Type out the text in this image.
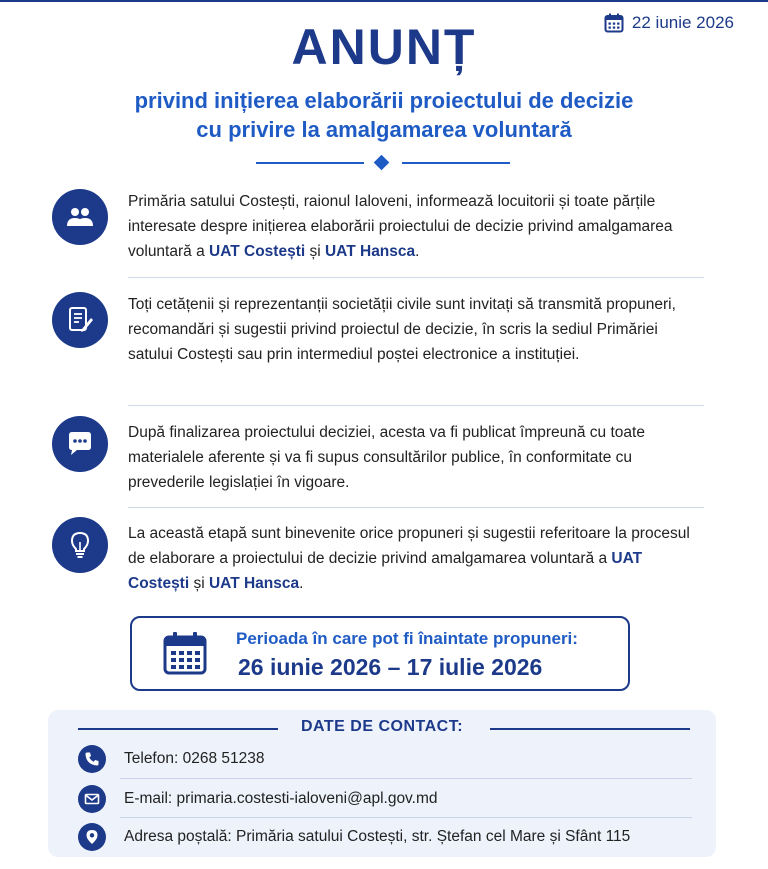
22 iunie 2026
ANUNȚ
privind inițierea elaborării proiectului de decizie
cu privire la amalgamarea voluntară
Primăria satului Costești, raionul Ialoveni, informează locuitorii și toate părțile interesate despre inițierea elaborării proiectului de decizie privind amalgamarea voluntară a UAT Costești și UAT Hansca.
Toți cetățenii și reprezentanții societății civile sunt invitați să transmită propuneri, recomandări și sugestii privind proiectul de decizie, în scris la sediul Primăriei satului Costești sau prin intermediul poștei electronice a instituției.
După finalizarea proiectului deciziei, acesta va fi publicat împreună cu toate materialele aferente și va fi supus consultărilor publice, în conformitate cu prevederile legislației în vigoare.
La această etapă sunt binevenite orice propuneri și sugestii referitoare la procesul de elaborare a proiectului de decizie privind amalgamarea voluntară a UAT Costești și UAT Hansca.
Perioada în care pot fi înaintate propuneri:
26 iunie 2026 – 17 iulie 2026
DATE DE CONTACT:
Telefon: 0268 51238
E-mail: primaria.costesti-ialoveni@apl.gov.md
Adresa poștală: Primăria satului Costești, str. Ștefan cel Mare și Sfânt 115
